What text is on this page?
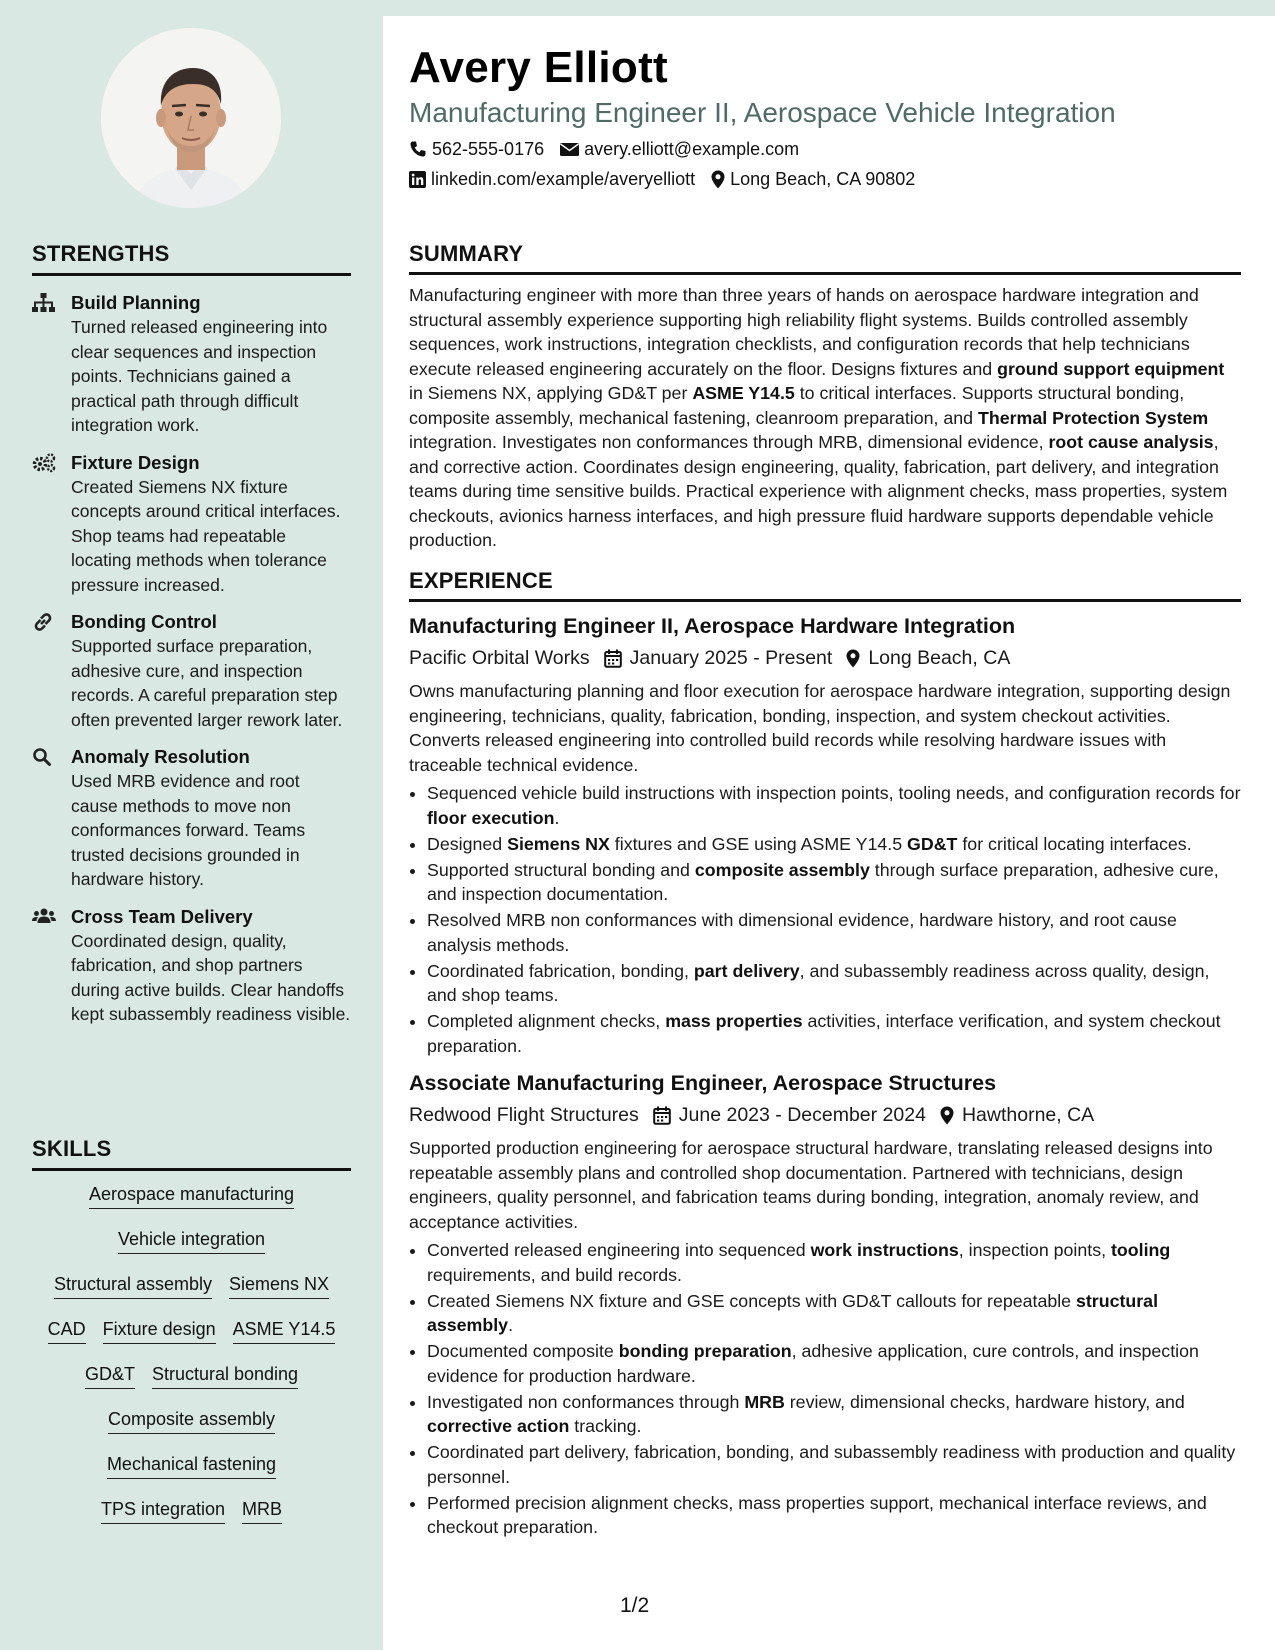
STRENGTHS
Build Planning
Turned released engineering into clear sequences and inspection points. Technicians gained a practical path through difficult integration work.
Fixture Design
Created Siemens NX fixture concepts around critical interfaces. Shop teams had repeatable locating methods when tolerance pressure increased.
Bonding Control
Supported surface preparation, adhesive cure, and inspection records. A careful preparation step often prevented larger rework later.
Anomaly Resolution
Used MRB evidence and root cause methods to move non conformances forward. Teams trusted decisions grounded in hardware history.
Cross Team Delivery
Coordinated design, quality, fabrication, and shop partners during active builds. Clear handoffs kept subassembly readiness visible.
SKILLS
Aerospace manufacturing
Vehicle integration
Structural assembly Siemens NX
CAD Fixture design ASME Y14.5
GD&T Structural bonding
Composite assembly
Mechanical fastening
TPS integration MRB
Avery Elliott
Manufacturing Engineer II, Aerospace Vehicle Integration
562-555-0176 avery.elliott@example.com
linkedin.com/example/averyelliott Long Beach, CA 90802
SUMMARY
Manufacturing engineer with more than three years of hands on aerospace hardware integration and structural assembly experience supporting high reliability flight systems. Builds controlled assembly sequences, work instructions, integration checklists, and configuration records that help technicians execute released engineering accurately on the floor. Designs fixtures and ground support equipment in Siemens NX, applying GD&T per ASME Y14.5 to critical interfaces. Supports structural bonding, composite assembly, mechanical fastening, cleanroom preparation, and Thermal Protection System integration. Investigates non conformances through MRB, dimensional evidence, root cause analysis, and corrective action. Coordinates design engineering, quality, fabrication, part delivery, and integration teams during time sensitive builds. Practical experience with alignment checks, mass properties, system checkouts, avionics harness interfaces, and high pressure fluid hardware supports dependable vehicle production.
EXPERIENCE
Manufacturing Engineer II, Aerospace Hardware Integration
Pacific Orbital Works January 2025 - Present Long Beach, CA
Owns manufacturing planning and floor execution for aerospace hardware integration, supporting design engineering, technicians, quality, fabrication, bonding, inspection, and system checkout activities. Converts released engineering into controlled build records while resolving hardware issues with traceable technical evidence.
• Sequenced vehicle build instructions with inspection points, tooling needs, and configuration records for floor execution.
• Designed Siemens NX fixtures and GSE using ASME Y14.5 GD&T for critical locating interfaces.
• Supported structural bonding and composite assembly through surface preparation, adhesive cure, and inspection documentation.
• Resolved MRB non conformances with dimensional evidence, hardware history, and root cause analysis methods.
• Coordinated fabrication, bonding, part delivery, and subassembly readiness across quality, design, and shop teams.
• Completed alignment checks, mass properties activities, interface verification, and system checkout preparation.
Associate Manufacturing Engineer, Aerospace Structures
Redwood Flight Structures June 2023 - December 2024 Hawthorne, CA
Supported production engineering for aerospace structural hardware, translating released designs into repeatable assembly plans and controlled shop documentation. Partnered with technicians, design engineers, quality personnel, and fabrication teams during bonding, integration, anomaly review, and acceptance activities.
• Converted released engineering into sequenced work instructions, inspection points, tooling requirements, and build records.
• Created Siemens NX fixture and GSE concepts with GD&T callouts for repeatable structural assembly.
• Documented composite bonding preparation, adhesive application, cure controls, and inspection evidence for production hardware.
• Investigated non conformances through MRB review, dimensional checks, hardware history, and corrective action tracking.
• Coordinated part delivery, fabrication, bonding, and subassembly readiness with production and quality personnel.
• Performed precision alignment checks, mass properties support, mechanical interface reviews, and checkout preparation.
1/2
